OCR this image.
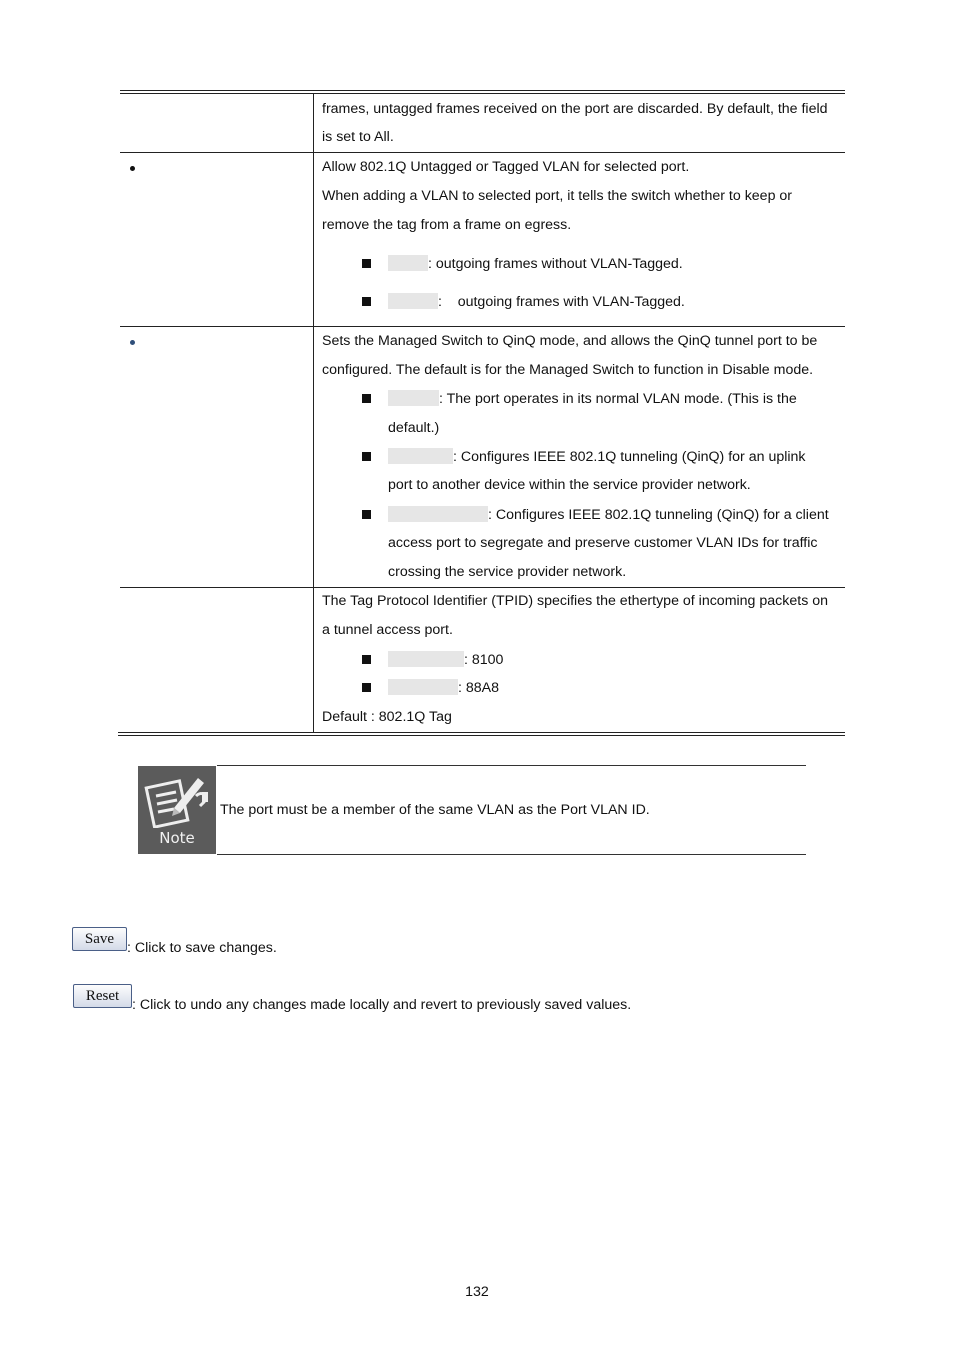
frames, untagged frames received on the port are discarded. By default, the field
is set to All.
Allow 802.1Q Untagged or Tagged VLAN for selected port.
When adding a VLAN to selected port, it tells the switch whether to keep or
remove the tag from a frame on egress.
: outgoing frames without VLAN-Tagged.
:    outgoing frames with VLAN-Tagged.
Sets the Managed Switch to QinQ mode, and allows the QinQ tunnel port to be
configured. The default is for the Managed Switch to function in Disable mode.
: The port operates in its normal VLAN mode. (This is the
default.)
: Configures IEEE 802.1Q tunneling (QinQ) for an uplink
port to another device within the service provider network.
: Configures IEEE 802.1Q tunneling (QinQ) for a client
access port to segregate and preserve customer VLAN IDs for traffic
crossing the service provider network.
The Tag Protocol Identifier (TPID) specifies the ethertype of incoming packets on
a tunnel access port.
: 8100
: 88A8
Default : 802.1Q Tag
Note
The port must be a member of the same VLAN as the Port VLAN ID.
Save
: Click to save changes.
Reset
: Click to undo any changes made locally and revert to previously saved values.
132
